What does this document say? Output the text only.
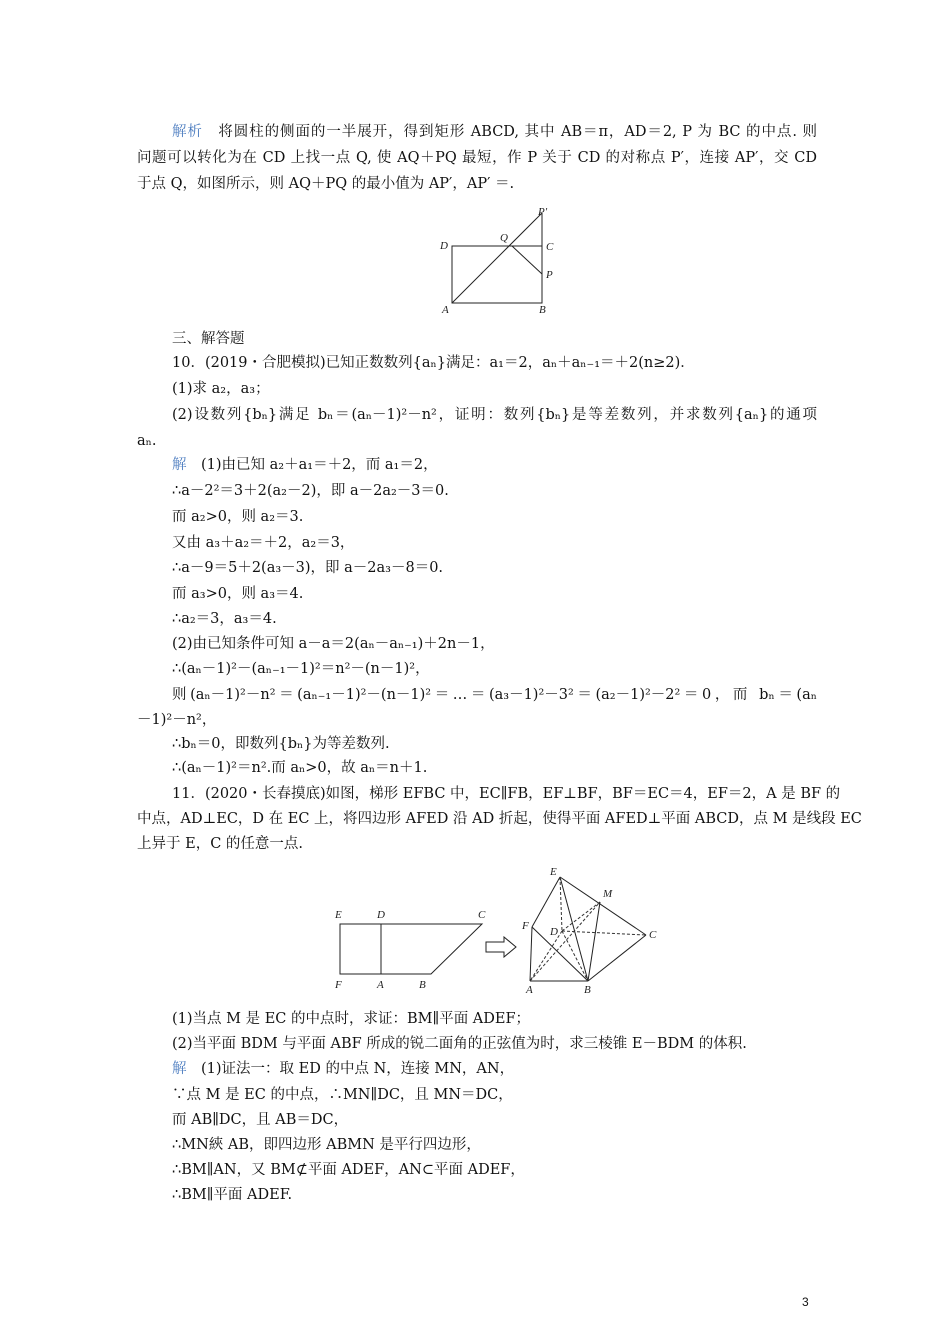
解析　 将圆柱的侧面的一半展开，得到矩形 ABCD, 其中 AB＝π，AD＝2, P 为 BC 的中点. 则
问题可以转化为在 CD 上找一点 Q, 使 AQ＋PQ 最短，作 P 关于 CD 的对称点 P′，连接 AP′，交 CD
于点 Q，如图所示，则 AQ＋PQ 的最小值为 AP′，AP′ ＝.
D
Q
C
P′
P
A	B
三、解答题
10．(2019・合肥模拟)已知正数数列{aₙ}满足：a₁＝2，aₙ＋aₙ₋₁＝＋2(n≥2)．
(1)求 a₂，a₃；
(2)设数列{bₙ}满足 bₙ＝(aₙ－1)²－n²，证明：数列{bₙ}是等差数列，并求数列{aₙ}的通项
aₙ.
解　 (1)由已知 a₂＋a₁＝＋2，而 a₁＝2，
∴a－2²＝3＋2(a₂－2)，即 a－2a₂－3＝0.
而 a₂>0，则 a₂＝3.
又由 a₃＋a₂＝＋2，a₂＝3，
∴a－9＝5＋2(a₃－3)，即 a－2a₃－8＝0.
而 a₃>0，则 a₃＝4.
∴a₂＝3，a₃＝4.
(2)由已知条件可知 a－a＝2(aₙ－aₙ₋₁)＋2n－1，
∴(aₙ－1)²－(aₙ₋₁－1)²＝n²－(n－1)²，
则(aₙ－1)²－n²＝(aₙ₋₁－1)²－(n－1)²＝…＝(a₃－1)²－3²＝(a₂－1)²－2²＝0，而 bₙ＝(aₙ
－1)²－n²，
∴bₙ＝0，即数列{bₙ}为等差数列.
∴(aₙ－1)²＝n².而 aₙ>0，故 aₙ＝n＋1.
11．(2020・长春摸底)如图，梯形 EFBC 中，EC∥FB，EF⊥BF，BF＝EC＝4，EF＝2，A 是 BF 的
中点，AD⊥EC，D 在 EC 上，将四边形 AFED 沿 AD 折起，使得平面 AFED⊥平面 ABCD，点 M 是线段 EC
上异于 E，C 的任意一点.
E	D	C
F	A	B
E
M
F D	C
A	B
(1)当点 M 是 EC 的中点时，求证：BM∥平面 ADEF；
(2)当平面 BDM 与平面 ABF 所成的锐二面角的正弦值为时，求三棱锥 E－BDM 的体积.
解　 (1)证法一：取 ED 的中点 N，连接 MN，AN，
∵点 M 是 EC 的中点，∴MN∥DC，且 MN＝DC，
而 AB∥DC，且 AB＝DC，
∴MN綊 AB，即四边形 ABMN 是平行四边形，
∴BM∥AN，又 BM⊄平面 ADEF，AN⊂平面 ADEF，
∴BM∥平面 ADEF.
3
